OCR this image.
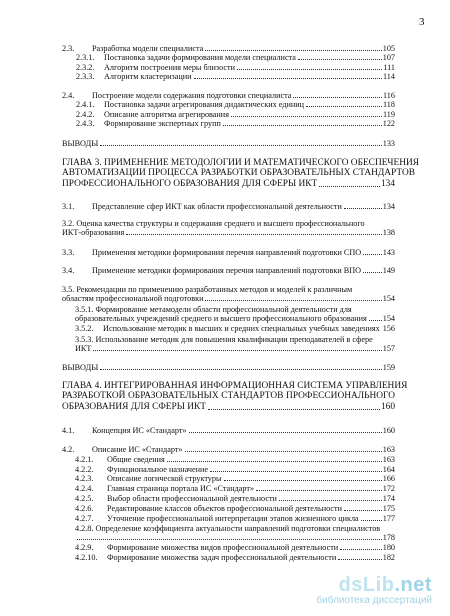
3
2.3.	Разработка модели специалиста	105
2.3.1.	Постановка задачи формирования модели специалиста	107
2.3.2.	Алгоритм построения меры близости	111
2.3.3.	Алгоритм кластеризации	114
2.4.	Построение модели содержания подготовки специалиста	116
2.4.1.	Постановка задачи агрегирования дидактических единиц	118
2.4.2.	Описание алгоритма агрегирования	119
2.4.3.	Формирование экспертных групп	122
ВЫВОДЫ	133
ГЛАВА 3. ПРИМЕНЕНИЕ МЕТОДОЛОГИИ И МАТЕМАТИЧЕСКОГО ОБЕСПЕЧЕНИЯ
АВТОМАТИЗАЦИИ ПРОЦЕССА РАЗРАБОТКИ ОБРАЗОВАТЕЛЬНЫХ СТАНДАРТОВ
ПРОФЕССИОНАЛЬНОГО ОБРАЗОВАНИЯ ДЛЯ СФЕРЫ ИКТ	134
3.1.	Представление сфер ИКТ как области профессиональной деятельности	134
3.2. Оценка качества структуры и содержания среднего и высшего профессионального
ИКТ-образования	138
3.3.	Применения методики формирования перечня направлений подготовки СПО	143
3.4.	Применение методики формирования перечня направлений подготовки ВПО	149
3.5. Рекомендации по применению разработанных методов и моделей к различным
областям профессиональной подготовки	154
3.5.1. Формирование метамодели области профессиональной деятельности для
образовательных учреждений среднего и высшего профессионального образования 154
3.5.2.	Использование методик в высших и средних специальных учебных заведениях 156
3.5.3. Использование методик для повышения квалификации преподавателей в сфере
ИКТ	157
ВЫВОДЫ	159
ГЛАВА 4. ИНТЕГРИРОВАННАЯ ИНФОРМАЦИОННАЯ СИСТЕМА УПРАВЛЕНИЯ
РАЗРАБОТКОЙ ОБРАЗОВАТЕЛЬНЫХ СТАНДАРТОВ ПРОФЕССИОНАЛЬНОГО
ОБРАЗОВАНИЯ ДЛЯ СФЕРЫ ИКТ	160
4.1.	Концепция ИС «Стандарт»	160
4.2.	Описание ИС «Стандарт»	163
4.2.1.	Общие сведения	163
4.2.2.	Функциональное назначение	164
4.2.3.	Описание логической структуры	166
4.2.4.	Главная страница портала ИС «Стандарт»	172
4.2.5.	Выбор области профессиональной деятельности	174
4.2.6.	Редактирование классов объектов профессиональной деятельности	175
4.2.7.	Уточнение профессиональной интерпретации этапов жизненного цикла	177
4.2.8. Определение коэффициента актуальности направлений подготовки специалистов
178
4.2.9.	Формирование множества видов профессиональной деятельности	180
4.2.10.	Формирование множества задач профессиональной деятельности	182
dsLib.net
библиотека диссертаций
